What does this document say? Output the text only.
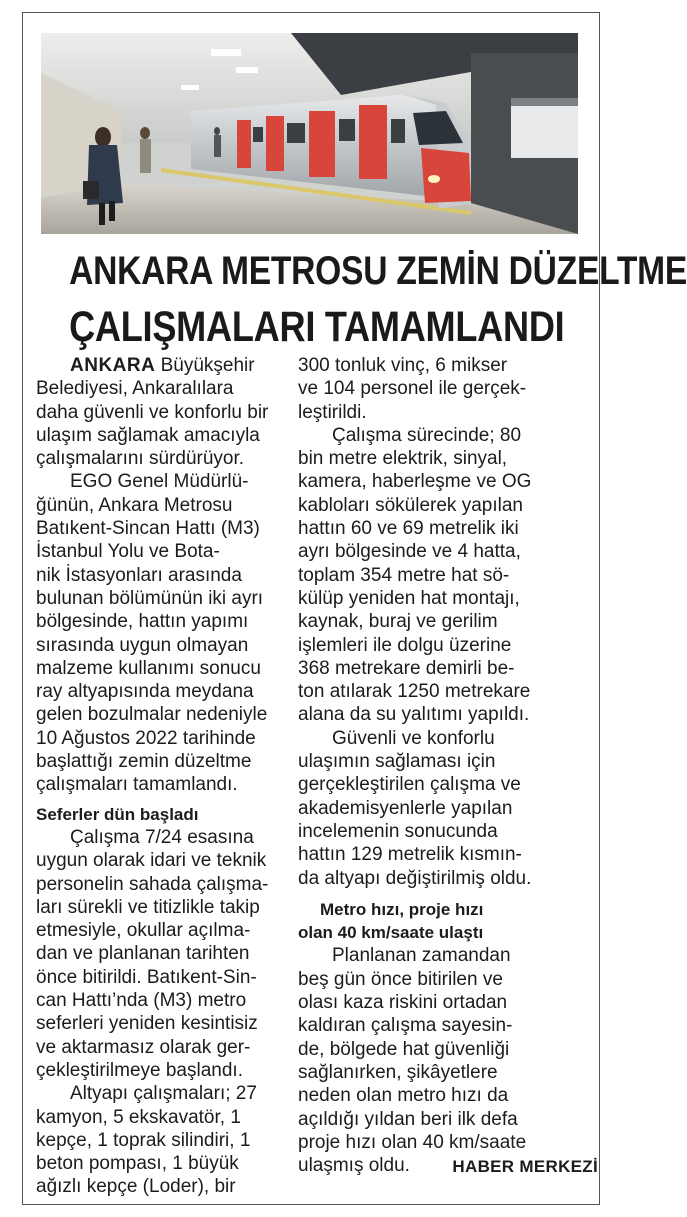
ANKARA METROSU ZEMİN DÜZELTME
ÇALIŞMALARI TAMAMLANDI

ANKARA Büyükşehir

Belediyesi, Ankaralılara

daha güvenli ve konforlu bir

ulaşım sağlamak amacıyla

çalışmalarını sürdürüyor.

EGO Genel Müdürlü-

ğünün, Ankara Metrosu

Batıkent-Sincan Hattı (M3)

İstanbul Yolu ve Bota-

nik İstasyonları arasında

bulunan bölümünün iki ayrı

bölgesinde, hattın yapımı

sırasında uygun olmayan

malzeme kullanımı sonucu

ray altyapısında meydana

gelen bozulmalar nedeniyle

10 Ağustos 2022 tarihinde

başlattığı zemin düzeltme

çalışmaları tamamlandı.

Seferler dün başladı

Çalışma 7/24 esasına

uygun olarak idari ve teknik

personelin sahada çalışma-

ları sürekli ve titizlikle takip

etmesiyle, okullar açılma-

dan ve planlanan tarihten

önce bitirildi. Batıkent-Sin-

can Hattı’nda (M3) metro

seferleri yeniden kesintisiz

ve aktarmasız olarak ger-

çekleştirilmeye başlandı.

Altyapı çalışmaları; 27

kamyon, 5 ekskavatör, 1

kepçe, 1 toprak silindiri, 1

beton pompası, 1 büyük

ağızlı kepçe (Loder), bir

300 tonluk vinç, 6 mikser

ve 104 personel ile gerçek-

leştirildi.

Çalışma sürecinde; 80

bin metre elektrik, sinyal,

kamera, haberleşme ve OG

kabloları sökülerek yapılan

hattın 60 ve 69 metrelik iki

ayrı bölgesinde ve 4 hatta,

toplam 354 metre hat sö-

külüp yeniden hat montajı,

kaynak, buraj ve gerilim

işlemleri ile dolgu üzerine

368 metrekare demirli be-

ton atılarak 1250 metrekare

alana da su yalıtımı yapıldı.

Güvenli ve konforlu

ulaşımın sağlaması için

gerçekleştirilen çalışma ve

akademisyenlerle yapılan

incelemenin sonucunda

hattın 129 metrelik kısmın-

da altyapı değiştirilmiş oldu.

Metro hızı, proje hızı

olan 40 km/saate ulaştı

Planlanan zamandan

beş gün önce bitirilen ve

olası kaza riskini ortadan

kaldıran çalışma sayesin-

de, bölgede hat güvenliği

sağlanırken, şikâyetlere

neden olan metro hızı da

açıldığı yıldan beri ilk defa

proje hızı olan 40 km/saate

ulaşmış oldu.	HABER MERKEZİ
